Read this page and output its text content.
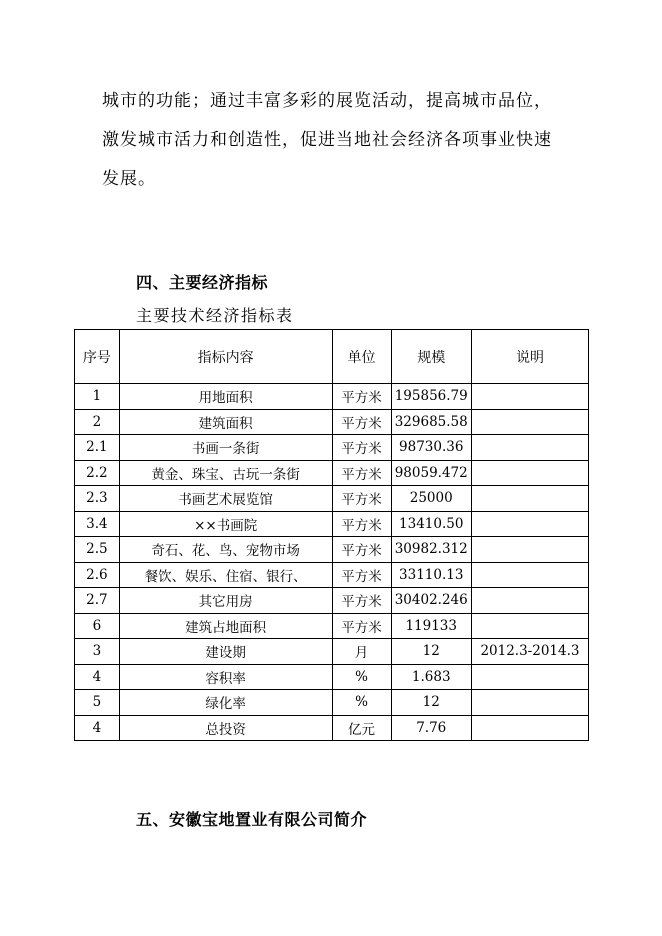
城市的功能；通过丰富多彩的展览活动，提高城市品位，
激发城市活力和创造性，促进当地社会经济各项事业快速
发展。
四、主要经济指标
主要技术经济指标表
序号	指标内容	单位	规模	说明
1	用地面积	平方米	195856.79	
2	建筑面积	平方米	329685.58	
2.1	书画一条街	平方米	98730.36	
2.2	黄金、珠宝、古玩一条街	平方米	98059.472	
2.3	书画艺术展览馆	平方米	25000	
3.4	××书画院	平方米	13410.50	
2.5	奇石、花、鸟、宠物市场	平方米	30982.312	
2.6	餐饮、娱乐、住宿、银行、	平方米	33110.13	
2.7	其它用房	平方米	30402.246	
6	建筑占地面积	平方米	119133	
3	建设期	月	12	2012.3-2014.3
4	容积率	%	1.683	
5	绿化率	%	12	
4	总投资	亿元	7.76	
五、安徽宝地置业有限公司简介
